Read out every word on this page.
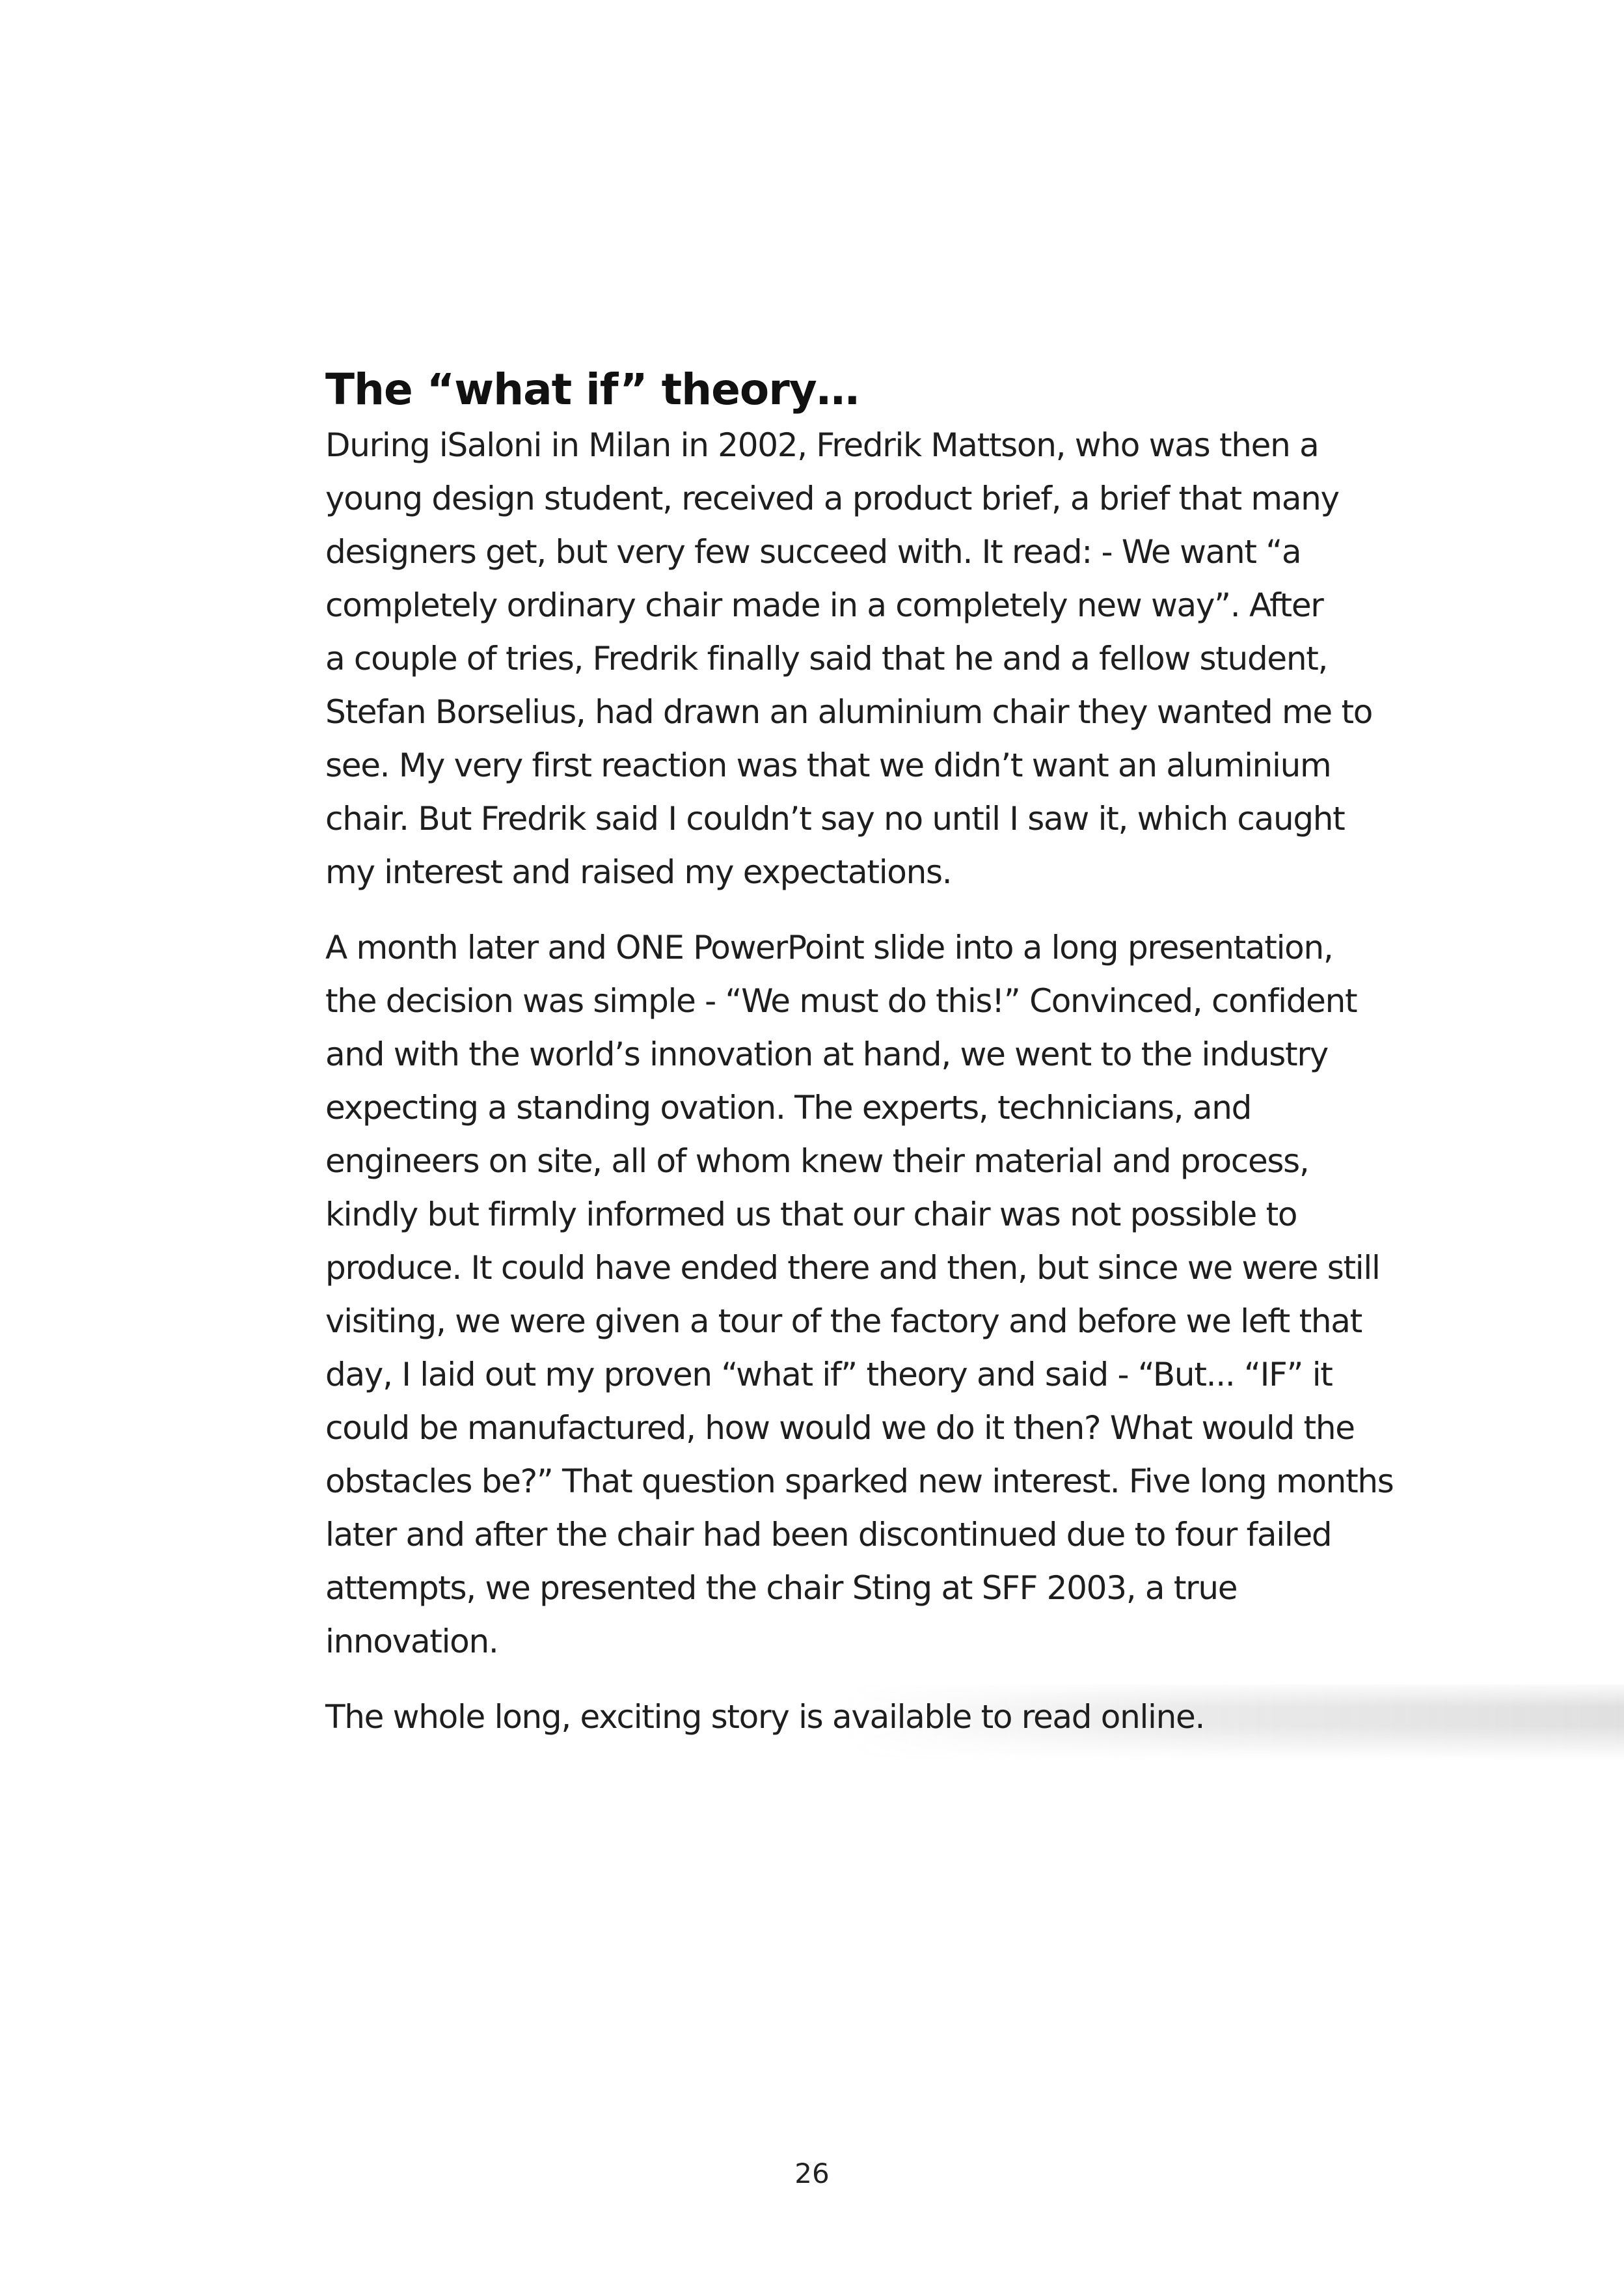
The “what if” theory…

During iSaloni in Milan in 2002, Fredrik Mattson, who was then a
young design student, received a product brief, a brief that many
designers get, but very few succeed with. It read: - We want “a
completely ordinary chair made in a completely new way”. After
a couple of tries, Fredrik finally said that he and a fellow student,
Stefan Borselius, had drawn an aluminium chair they wanted me to
see. My very first reaction was that we didn’t want an aluminium
chair. But Fredrik said I couldn’t say no until I saw it, which caught
my interest and raised my expectations.

A month later and ONE PowerPoint slide into a long presentation,
the decision was simple - “We must do this!” Convinced, confident
and with the world’s innovation at hand, we went to the industry
expecting a standing ovation. The experts, technicians, and
engineers on site, all of whom knew their material and process,
kindly but firmly informed us that our chair was not possible to
produce. It could have ended there and then, but since we were still
visiting, we were given a tour of the factory and before we left that
day, I laid out my proven “what if” theory and said - “But... “IF” it
could be manufactured, how would we do it then? What would the
obstacles be?” That question sparked new interest. Five long months
later and after the chair had been discontinued due to four failed
attempts, we presented the chair Sting at SFF 2003, a true innovation.

The whole long, exciting story is available to read online.

26
